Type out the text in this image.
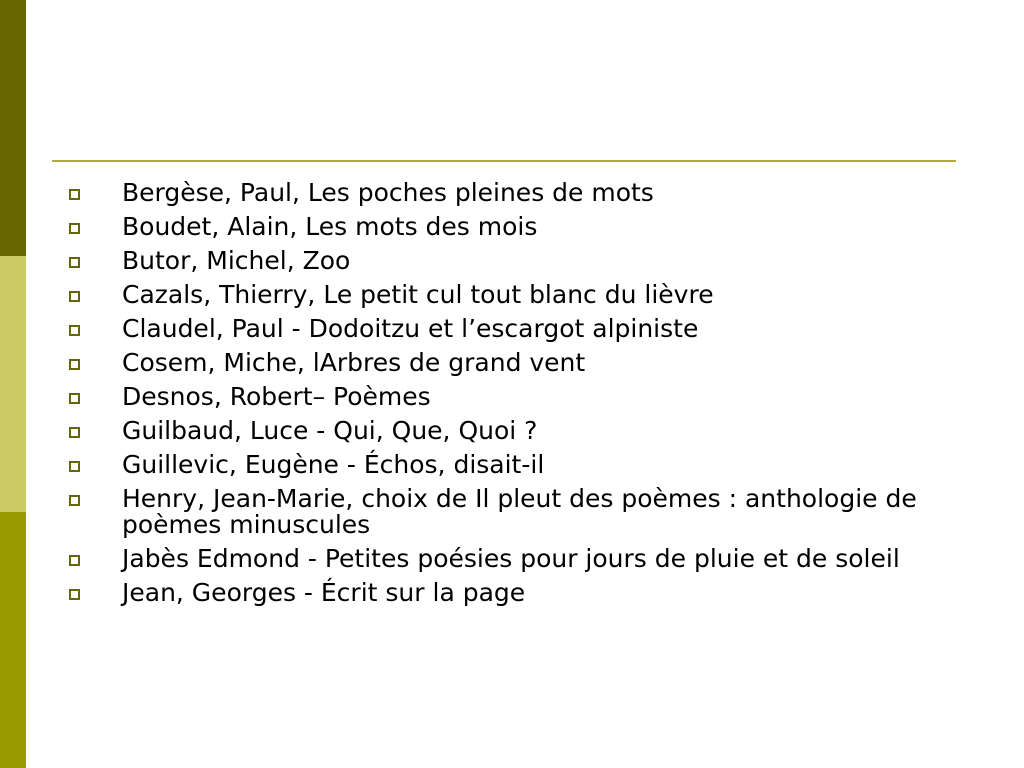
Bergèse, Paul, Les poches pleines de mots
Boudet, Alain, Les mots des mois
Butor, Michel, Zoo
Cazals, Thierry, Le petit cul tout blanc du lièvre
Claudel, Paul - Dodoitzu et l’escargot alpiniste
Cosem, Miche, lArbres de grand vent
Desnos, Robert– Poèmes
Guilbaud, Luce - Qui, Que, Quoi ?
Guillevic, Eugène - Échos, disait-il
Henry, Jean-Marie, choix de Il pleut des poèmes : anthologie de poèmes minuscules
Jabès Edmond - Petites poésies pour jours de pluie et de soleil
Jean, Georges - Écrit sur la page
